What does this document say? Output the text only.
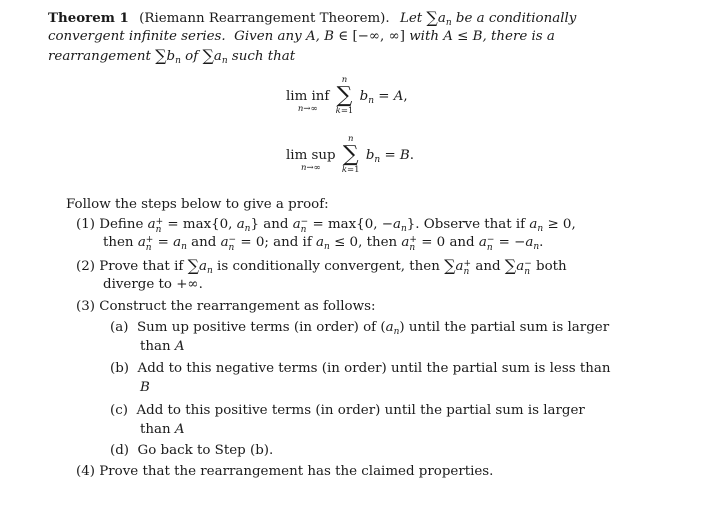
Theorem 1 (Riemann Rearrangement Theorem). Let $\sum a_n$ be a conditionally
convergent infinite series.  Given any A, B ∈ [−∞, ∞] with A ≤ B, there is a
rearrangement $\sum b_n$ of $\sum a_n$ such that
lim inf
n→∞

n
∑
k=1
$b_n = A$,
lim sup
n→∞

n
∑
k=1
$b_n = B$.
Follow the steps below to give a proof:
(1) Define a+
n = max{0, $a_n$} and a−
n = max{0, $-a_n$}. Observe that if $a_n \ge 0$,
then a+
$n = a_n$ and a−
n = 0; and if $a_n \le 0$, then a+
n = 0 and a−
$n = -a_n$.
(2) Prove that if $\sum a_n$ is conditionally convergent, then ∑a+
n and ∑a−
n both
diverge to +∞.
(3) Construct the rearrangement as follows:
(a)  Sum up positive terms (in order) of $(a_n)$ until the partial sum is larger
than A
(b) Add to this negative terms (in order) until the partial sum is less than
B
(c) Add to this positive terms (in order) until the partial sum is larger
than A
(d) Go back to Step (b).
(4) Prove that the rearrangement has the claimed properties.
